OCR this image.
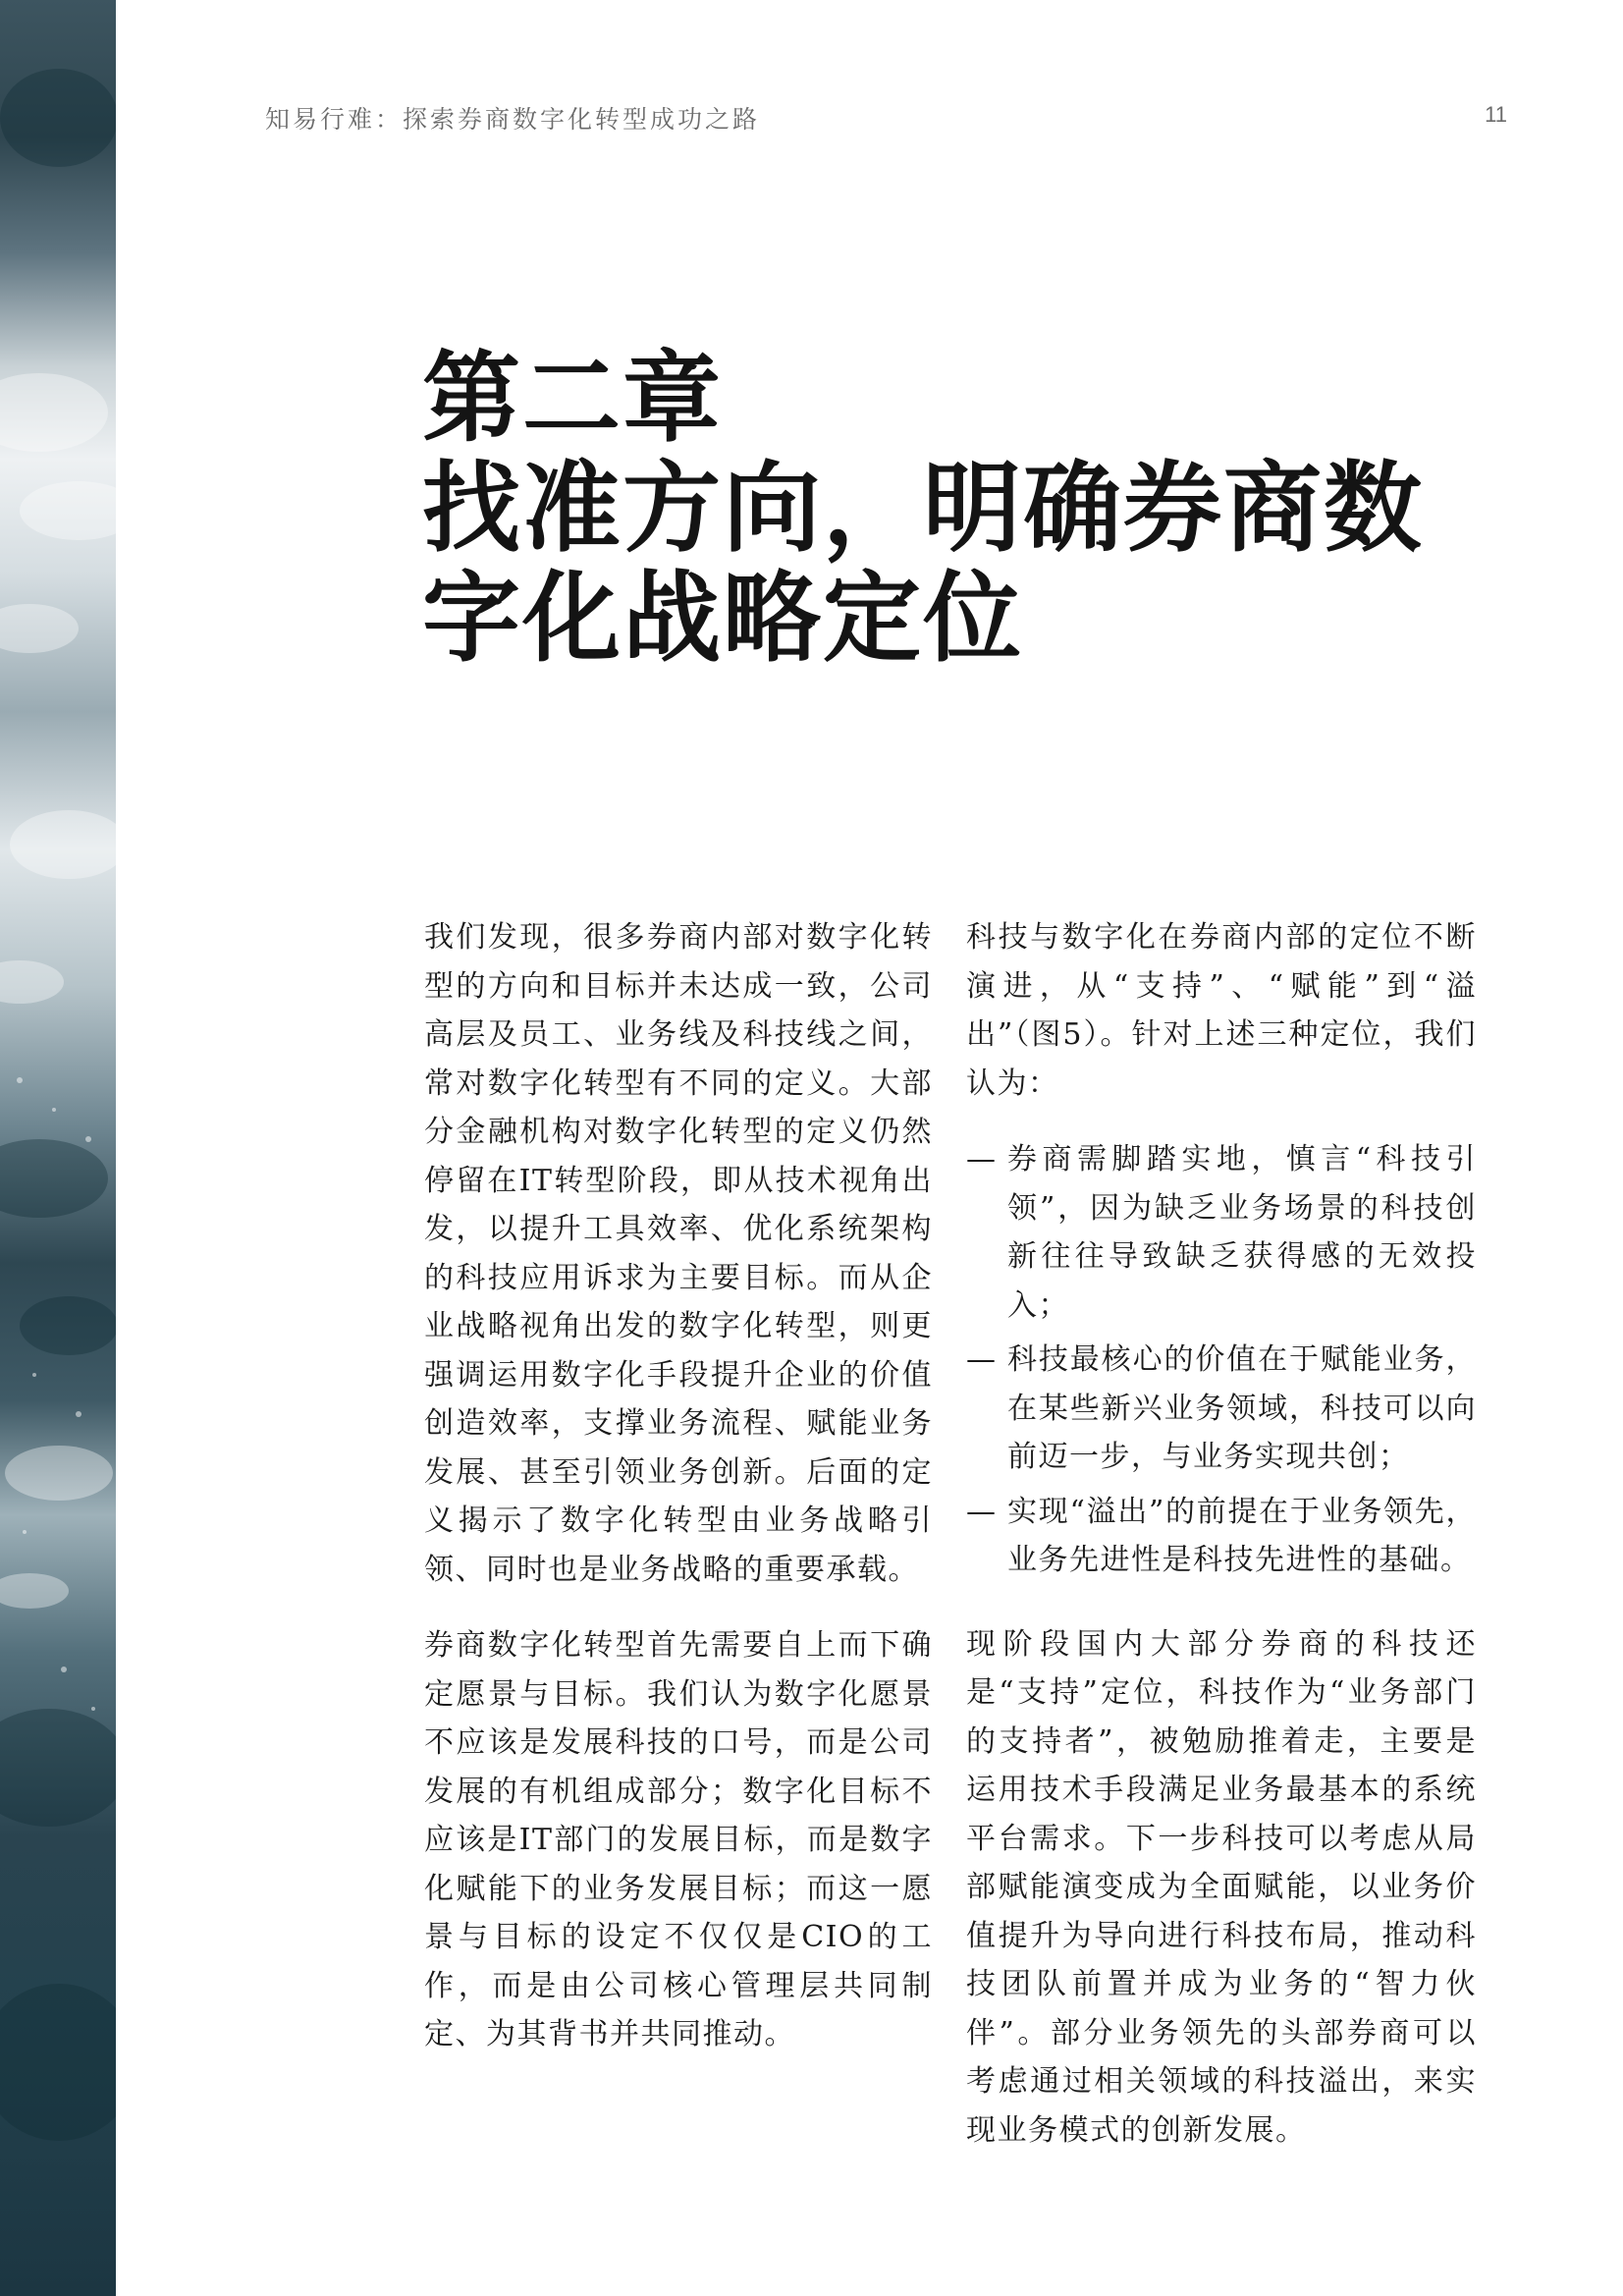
知易行难：探索券商数字化转型成功之路	11
第二章
找准方向，明确券商数
字化战略定位

我们发现，很多券商内部对数字化转型的方向和目标并未达成一致，公司高层及员工、业务线及科技线之间，常对数字化转型有不同的定义。大部分金融机构对数字化转型的定义仍然停留在IT转型阶段，即从技术视角出发，以提升工具效率、优化系统架构的科技应用诉求为主要目标。而从企业战略视角出发的数字化转型，则更强调运用数字化手段提升企业的价值创造效率，支撑业务流程、赋能业务发展、甚至引领业务创新。后面的定义揭示了数字化转型由业务战略引领、同时也是业务战略的重要承载。

券商数字化转型首先需要自上而下确定愿景与目标。我们认为数字化愿景不应该是发展科技的口号，而是公司发展的有机组成部分；数字化目标不应该是IT部门的发展目标，而是数字化赋能下的业务发展目标；而这一愿景与目标的设定不仅仅是CIO的工作，而是由公司核心管理层共同制定、为其背书并共同推动。

科技与数字化在券商内部的定位不断演进，从“支持”、“赋能”到“溢出”（图5）。针对上述三种定位，我们认为：

— 券商需脚踏实地，慎言“科技引领”，因为缺乏业务场景的科技创新往往导致缺乏获得感的无效投入；
— 科技最核心的价值在于赋能业务，在某些新兴业务领域，科技可以向前迈一步，与业务实现共创；
— 实现“溢出”的前提在于业务领先，业务先进性是科技先进性的基础。

现阶段国内大部分券商的科技还是“支持”定位，科技作为“业务部门的支持者”，被勉励推着走，主要是运用技术手段满足业务最基本的系统平台需求。下一步科技可以考虑从局部赋能演变成为全面赋能，以业务价值提升为导向进行科技布局，推动科技团队前置并成为业务的“智力伙伴”。部分业务领先的头部券商可以考虑通过相关领域的科技溢出，来实现业务模式的创新发展。
